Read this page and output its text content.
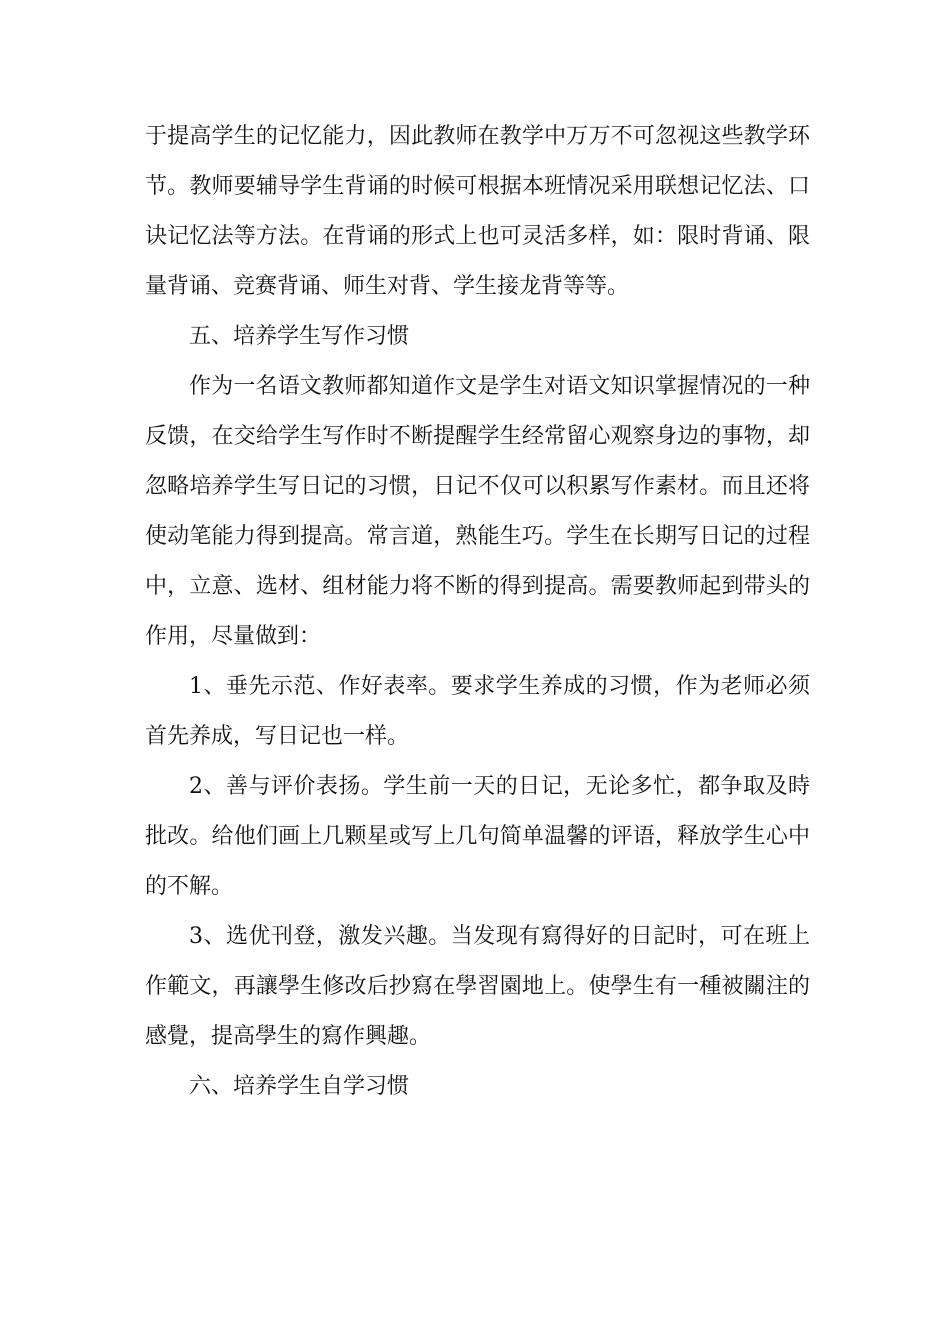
于提高学生的记忆能力，因此教师在教学中万万不可忽视这些教学环节。教师要辅导学生背诵的时候可根据本班情况采用联想记忆法、口诀记忆法等方法。在背诵的形式上也可灵活多样，如：限时背诵、限量背诵、竞赛背诵、师生对背、学生接龙背等等。

五、培养学生写作习惯

作为一名语文教师都知道作文是学生对语文知识掌握情况的一种反馈，在交给学生写作时不断提醒学生经常留心观察身边的事物，却忽略培养学生写日记的习惯，日记不仅可以积累写作素材。而且还将使动笔能力得到提高。常言道，熟能生巧。学生在长期写日记的过程中，立意、选材、组材能力将不断的得到提高。需要教师起到带头的作用，尽量做到：

1、垂先示范、作好表率。要求学生养成的习惯，作为老师必须首先养成，写日记也一样。

2、善与评价表扬。学生前一天的日记，无论多忙，都争取及時批改。给他们画上几颗星或写上几句简单温馨的评语，释放学生心中的不解。

3、选优刊登，激发兴趣。当发现有寫得好的日記时，可在班上作範文，再讓學生修改后抄寫在學習園地上。使學生有一種被關注的感覺，提高學生的寫作興趣。

六、培养学生自学习惯
